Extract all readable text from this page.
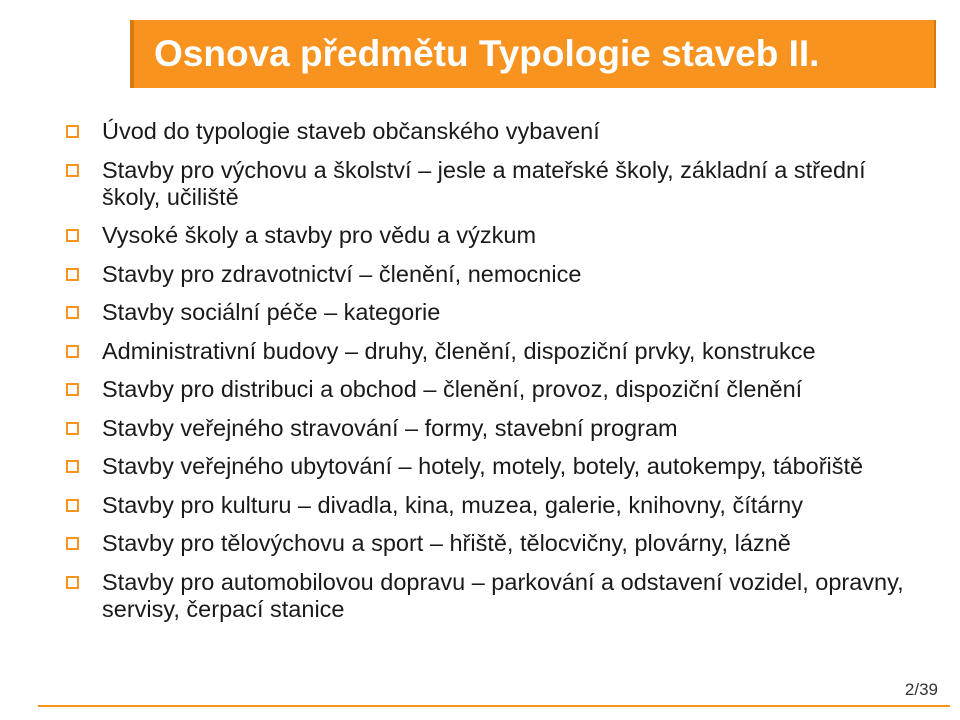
Osnova předmětu Typologie staveb II.
Úvod do typologie staveb občanského vybavení
Stavby pro výchovu a školství – jesle a mateřské školy, základní a střední školy, učiliště
Vysoké školy a stavby pro vědu a výzkum
Stavby pro zdravotnictví – členění, nemocnice
Stavby sociální péče – kategorie
Administrativní budovy – druhy, členění, dispoziční prvky, konstrukce
Stavby pro distribuci a obchod – členění, provoz, dispoziční členění
Stavby veřejného stravování – formy, stavební program
Stavby veřejného ubytování – hotely, motely, botely, autokempy, tábořiště
Stavby pro kulturu – divadla, kina, muzea, galerie, knihovny, čítárny
Stavby pro tělovýchovu a sport – hřiště, tělocvičny, plovárny, lázně
Stavby pro automobilovou dopravu – parkování a odstavení vozidel, opravny, servisy, čerpací stanice
2/39
